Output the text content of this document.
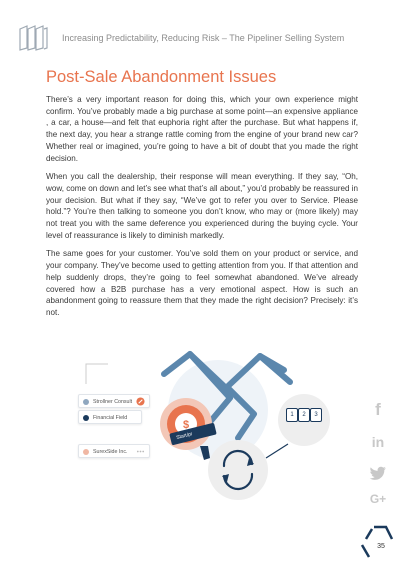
Increasing Predictability, Reducing Risk – The Pipeliner Selling System
Post-Sale Abandonment Issues

There’s a very important reason for doing this, which your own experience might confirm. You’ve probably made a big purchase at some point—an expensive appliance , a car, a house—and felt that euphoria right after the purchase. But what happens if, the next day, you hear a strange rattle coming from the engine of your brand new car? Whether real or imagined, you’re going to have a bit of doubt that you made the right decision.

When you call the dealership, their response will mean everything. If they say, “Oh, wow, come on down and let’s see what that’s all about,” you’d probably be reassured in your decision. But what if they say, “We’ve got to refer you over to Service. Please hold.”? You’re then talking to someone you don’t know, who may or (more likely) may not treat you with the same deference you experienced during the buying cycle. Your level of reassurance is likely to diminish markedly.

The same goes for your customer. You’ve sold them on your product or service, and your company. They’ve become used to getting attention from you. If that attention and help suddenly drops, they’re going to feel somewhat abandoned. We’ve already covered how a B2B purchase has a very emotional aspect. How is such an abandonment going to reassure them that they made the right decision? Precisely: it’s not.

$
Strollner Consult
Financial Field
SurexSide Inc.
Start/pr
1	2	3	f
in
G+
35
